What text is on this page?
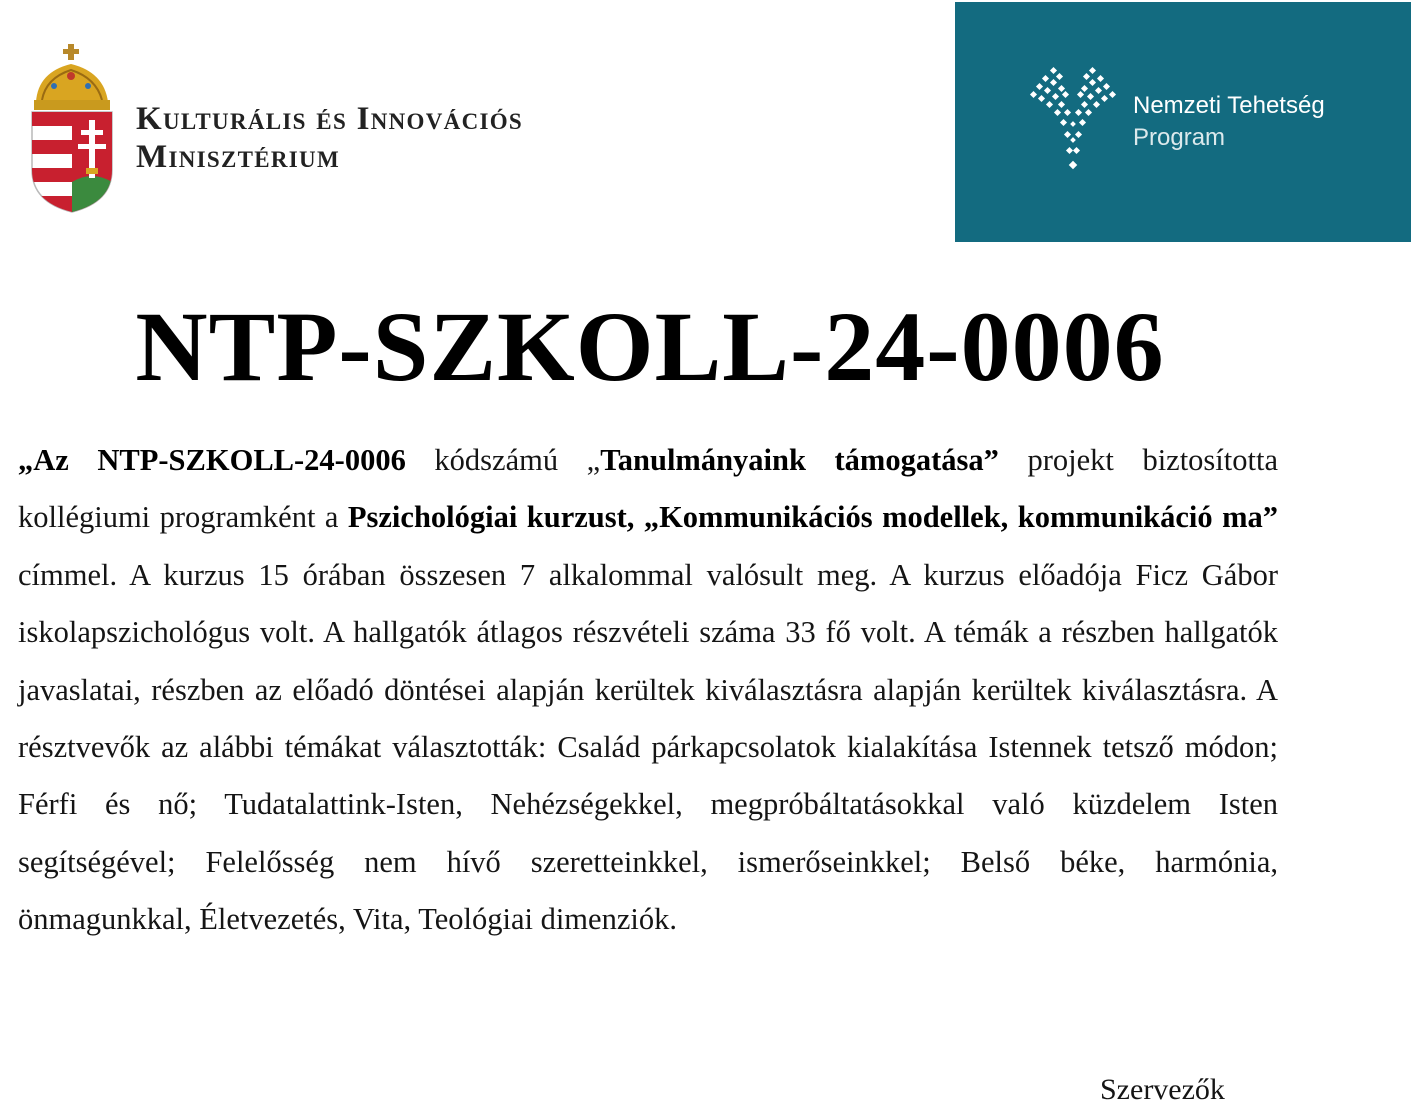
Kulturális és Innovációs
Minisztérium
Nemzeti Tehetség
Program
NTP-SZKOLL-24-0006

„Az NTP-SZKOLL-24-0006 kódszámú „Tanulmányaink támogatása” projekt biztosította kollégiumi programként a Pszichológiai kurzust, „Kommunikációs modellek, kommunikáció ma” címmel. A kurzus 15 órában összesen 7 alkalommal valósult meg. A kurzus előadója Ficz Gábor iskolapszichológus volt. A hallgatók átlagos részvételi száma 33 fő volt. A témák a részben hallgatók javaslatai, részben az előadó döntései alapján kerültek kiválasztásra alapján kerültek kiválasztásra. A résztvevők az alábbi témákat választották: Család párkapcsolatok kialakítása Istennek tetsző módon; Férfi és nő; Tudatalattink-Isten, Nehézségekkel, megpróbáltatásokkal való küzdelem Isten segítségével; Felelősség nem hívő szeretteinkkel, ismerőseinkkel; Belső béke, harmónia, önmagunkkal, Életvezetés, Vita, Teológiai dimenziók.

Szervezők
